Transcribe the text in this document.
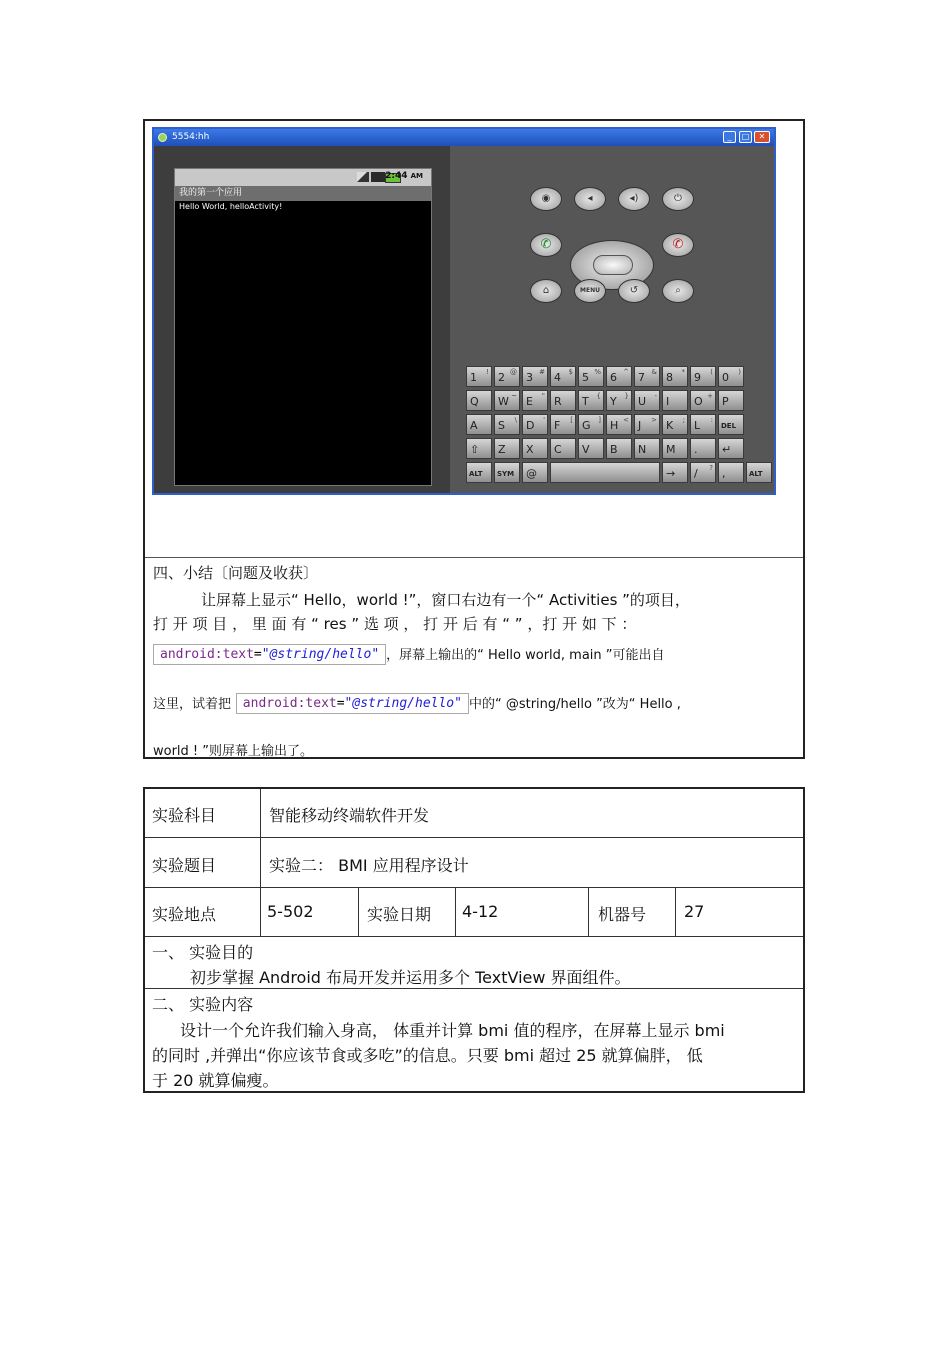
5554:hh	_	□	✕
2:44 AM
我的第一个应用
Hello World, helloActivity!
◉	◂	◂)	⏻
✆	✆
⌂	MENU	↺	⌕
1 ! 2 @ 3 # 4 $ 5 % 6 ^ 7 & 8 * 9 ( 0 )
Q	W ~ E " R	T { Y } U - I	O + P
A	S \ D ' F [ G ] H < J > K ; L :
DEL
⇧	Z	X	C	V	B	N	M	.	↵
ALT	SYM	@	→	/ ? ,	ALT
四、小结〔问题及收获〕
让屏幕上显示“ Hello，world !”，窗口右边有一个“ Activities ”的项目，
打 开 项 目 ， 里 面 有 “ res ” 选 项 ， 打 开 后 有 “ ” ，打 开 如 下 ：
android:text="@string/hello" ，屏幕上输出的“ Hello world, main ”可能出自
这里，试着把 android:text="@string/hello" 中的“ @string/hello ”改为“ Hello ,
world ! ”则屏幕上输出了。
实验科目	智能移动终端软件开发
实验题目	实验二： BMI 应用程序设计
实验地点	5-502	实验日期 4-12	机器号 27
一、 实验目的
初步掌握 Android 布局开发并运用多个 TextView 界面组件。
二、 实验内容
设计一个允许我们输入身高， 体重并计算 bmi 值的程序，在屏幕上显示 bmi
的同时 ,并弹出“你应该节食或多吃”的信息。只要 bmi 超过 25 就算偏胖， 低
于 20 就算偏瘦。
